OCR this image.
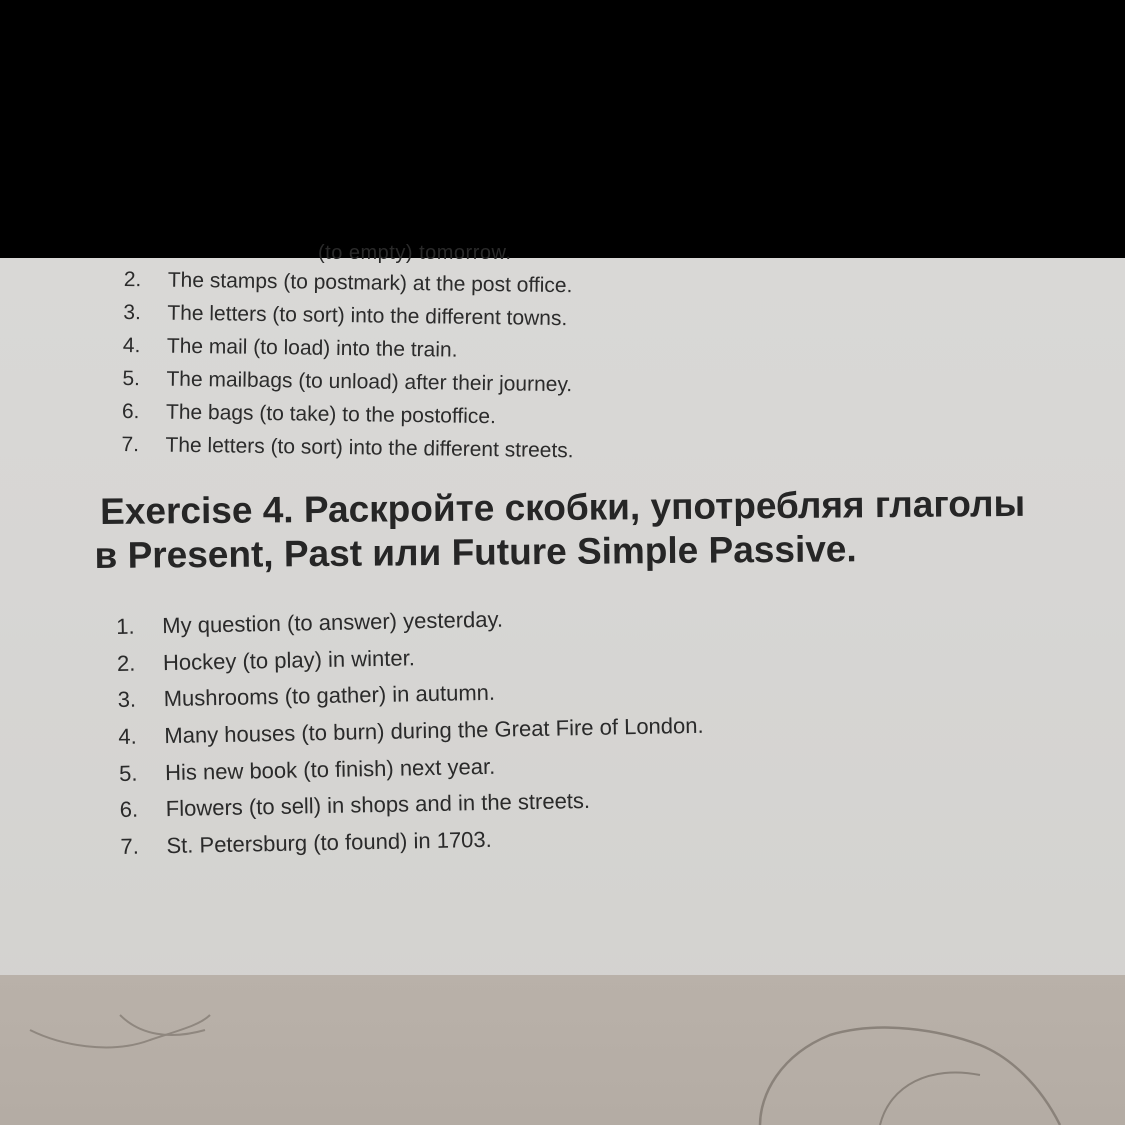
(to empty) tomorrow.
2. The stamps (to postmark) at the post office.
3. The letters (to sort) into the different towns.
4. The mail (to load) into the train.
5. The mailbags (to unload) after their journey.
6. The bags (to take) to the postoffice.
7. The letters (to sort) into the different streets.
Exercise 4. Раскройте скобки, употребляя глаголы
в Present, Past или Future Simple Passive.
1. My question (to answer) yesterday.
2. Hockey (to play) in winter.
3. Mushrooms (to gather) in autumn.
4. Many houses (to burn) during the Great Fire of London.
5. His new book (to finish) next year.
6. Flowers (to sell) in shops and in the streets.
7. St. Petersburg (to found) in 1703.
